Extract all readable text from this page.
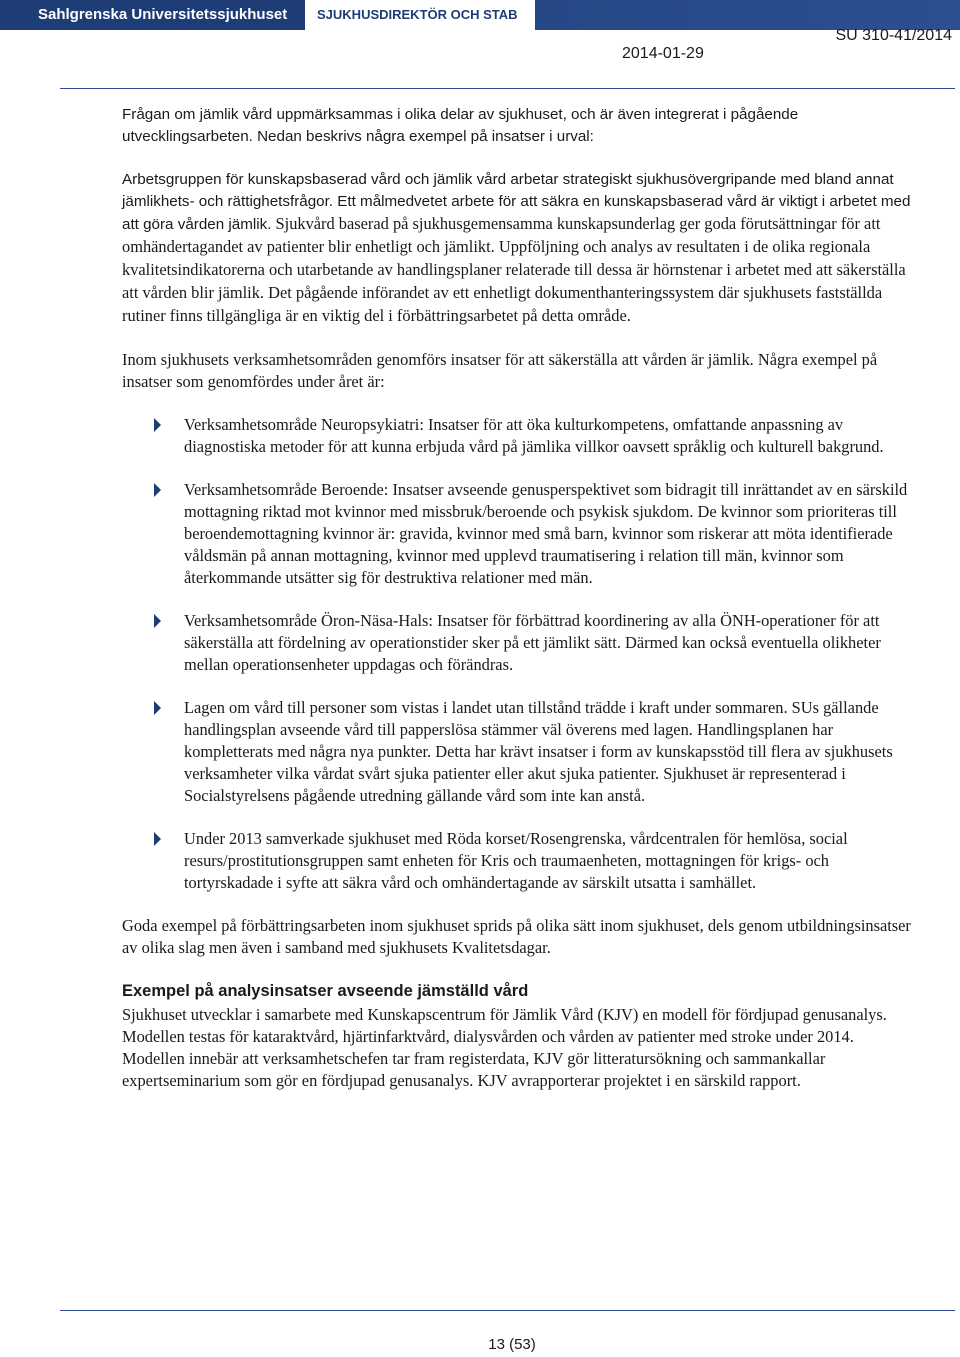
Sahlgrenska Universitetssjukhuset	SJUKHUSDIREKTÖR OCH STAB
SU 310-41/2014
2014-01-29

Frågan om jämlik vård uppmärksammas i olika delar av sjukhuset, och är även integrerat i pågående utvecklingsarbeten. Nedan beskrivs några exempel på insatser i urval:

Arbetsgruppen för kunskapsbaserad vård och jämlik vård arbetar strategiskt sjukhusövergripande med bland annat jämlikhets- och rättighetsfrågor. Ett målmedvetet arbete för att säkra en kunskapsbaserad vård är viktigt i arbetet med att göra vården jämlik. Sjukvård baserad på sjukhusgemensamma kunskapsunderlag ger goda förutsättningar för att omhändertagandet av patienter blir enhetligt och jämlikt. Uppföljning och analys av resultaten i de olika regionala kvalitetsindikatorerna och utarbetande av handlingsplaner relaterade till dessa är hörnstenar i arbetet med att säkerställa att vården blir jämlik. Det pågående införandet av ett enhetligt dokumenthanteringssystem där sjukhusets fastställda rutiner finns tillgängliga är en viktig del i förbättringsarbetet på detta område.

Inom sjukhusets verksamhetsområden genomförs insatser för att säkerställa att vården är jämlik. Några exempel på insatser som genomfördes under året är:

Verksamhetsområde Neuropsykiatri: Insatser för att öka kulturkompetens, omfattande anpassning av diagnostiska metoder för att kunna erbjuda vård på jämlika villkor oavsett språklig och kulturell bakgrund.
Verksamhetsområde Beroende: Insatser avseende genusperspektivet som bidragit till inrättandet av en särskild mottagning riktad mot kvinnor med missbruk/beroende och psykisk sjukdom. De kvinnor som prioriteras till beroendemottagning kvinnor är: gravida, kvinnor med små barn, kvinnor som riskerar att möta identifierade våldsmän på annan mottagning, kvinnor med upplevd traumatisering i relation till män, kvinnor som återkommande utsätter sig för destruktiva relationer med män.
Verksamhetsområde Öron-Näsa-Hals: Insatser för förbättrad koordinering av alla ÖNH-operationer för att säkerställa att fördelning av operationstider sker på ett jämlikt sätt. Därmed kan också eventuella olikheter mellan operationsenheter uppdagas och förändras.
Lagen om vård till personer som vistas i landet utan tillstånd trädde i kraft under sommaren. SUs gällande handlingsplan avseende vård till papperslösa stämmer väl överens med lagen. Handlingsplanen har kompletterats med några nya punkter. Detta har krävt insatser i form av kunskapsstöd till flera av sjukhusets verksamheter vilka vårdat svårt sjuka patienter eller akut sjuka patienter. Sjukhuset är representerad i Socialstyrelsens pågående utredning gällande vård som inte kan anstå.
Under 2013 samverkade sjukhuset med Röda korset/Rosengrenska, vårdcentralen för hemlösa, social resurs/prostitutionsgruppen samt enheten för Kris och traumaenheten, mottagningen för krigs- och tortyrskadade i syfte att säkra vård och omhändertagande av särskilt utsatta i samhället.

Goda exempel på förbättringsarbeten inom sjukhuset sprids på olika sätt inom sjukhuset, dels genom utbildningsinsatser av olika slag men även i samband med sjukhusets Kvalitetsdagar.

Exempel på analysinsatser avseende jämställd vård

Sjukhuset utvecklar i samarbete med Kunskapscentrum för Jämlik Vård (KJV) en modell för fördjupad genusanalys. Modellen testas för kataraktvård, hjärtinfarktvård, dialysvården och vården av patienter med stroke under 2014. Modellen innebär att verksamhetschefen tar fram registerdata, KJV gör litteratursökning och sammankallar expertseminarium som gör en fördjupad genusanalys. KJV avrapporterar projektet i en särskild rapport.

13 (53)
